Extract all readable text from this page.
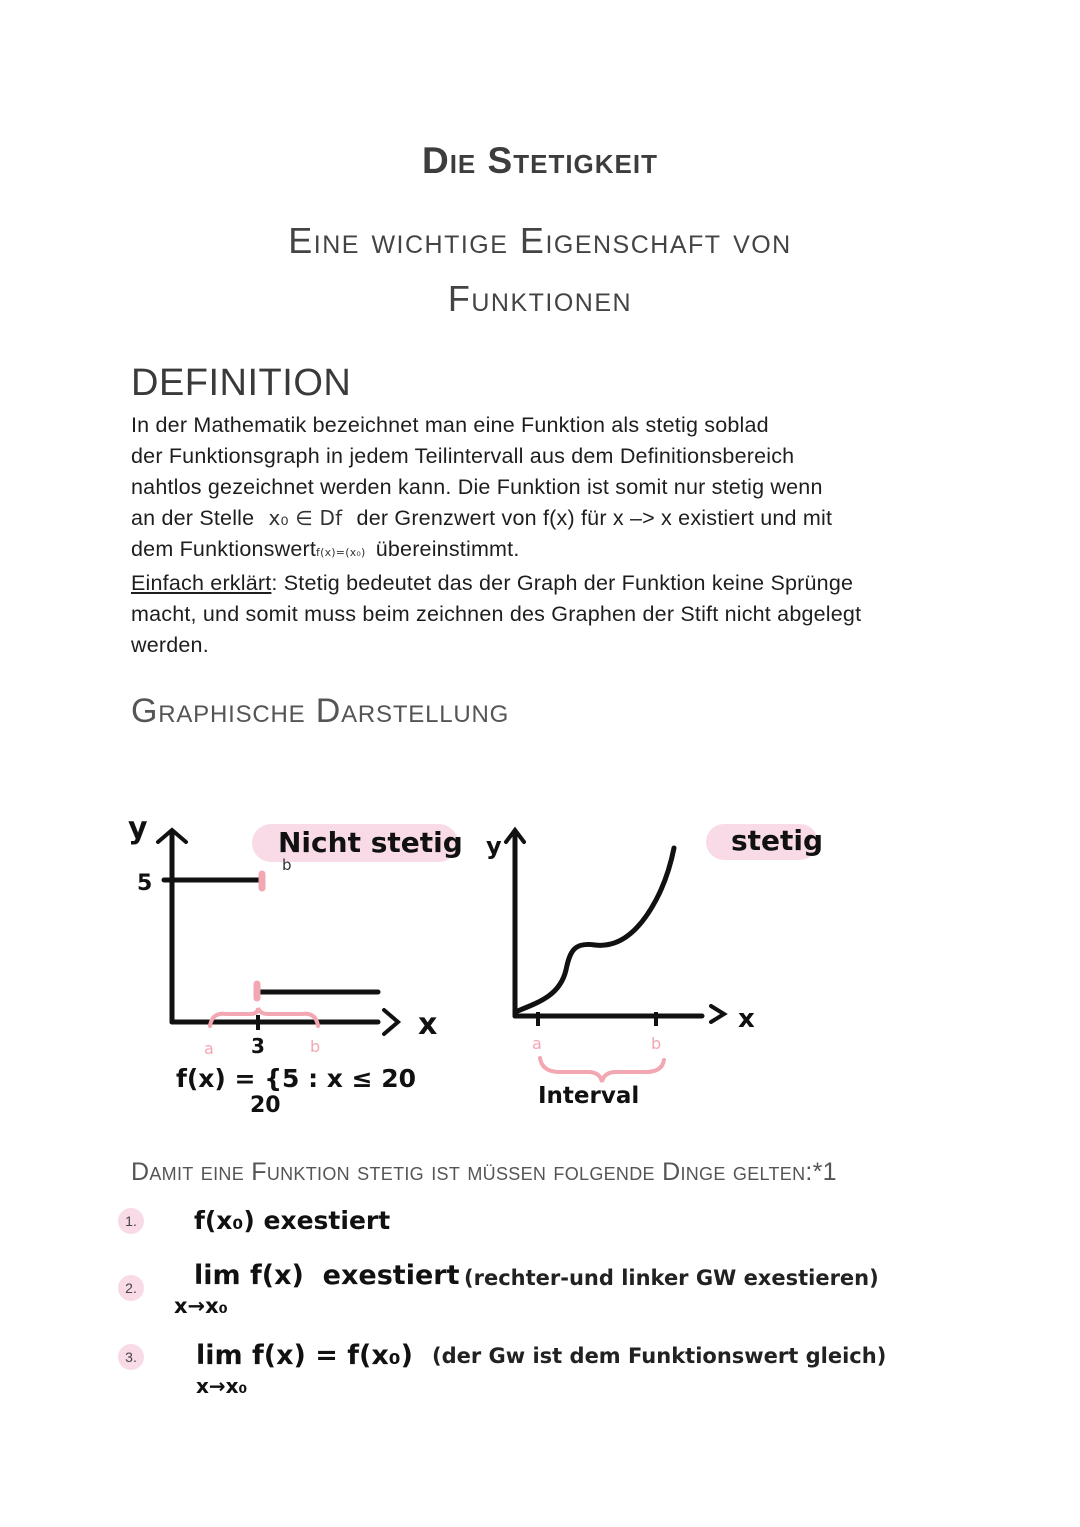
Die Stetigkeit
Eine wichtige Eigenschaft von
Funktionen
DEFINITION

In der Mathematik bezeichnet man eine Funktion als stetig soblad

der Funktionsgraph in jedem Teilintervall aus dem Definitionsbereich

nahtlos gezeichnet werden kann. Die Funktion ist somit nur stetig wenn

an der Stelle x₀ ∈ Df der Grenzwert von f(x) für x –> x existiert und mit

dem Funktionswertf(x)=(x₀) übereinstimmt.

Einfach erklärt: Stetig bedeutet das der Graph der Funktion keine Sprünge

macht, und somit muss beim zeichnen des Graphen der Stift nicht abgelegt

werden.

Graphische Darstellung
Nicht stetig
b
y
x
5
3
a	b
f(x) = {5 : x ≤ 20
20
stetig
y
x
a	b
Interval
Damit eine Funktion stetig ist müssen folgende Dinge gelten:*1
1. f(x₀) exestiert
2. lim f(x)  exestiert
x→x₀
(rechter-und linker GW exestieren)
3. lim f(x) = f(x₀)
x→x₀
(der Gw ist dem Funktionswert gleich)
